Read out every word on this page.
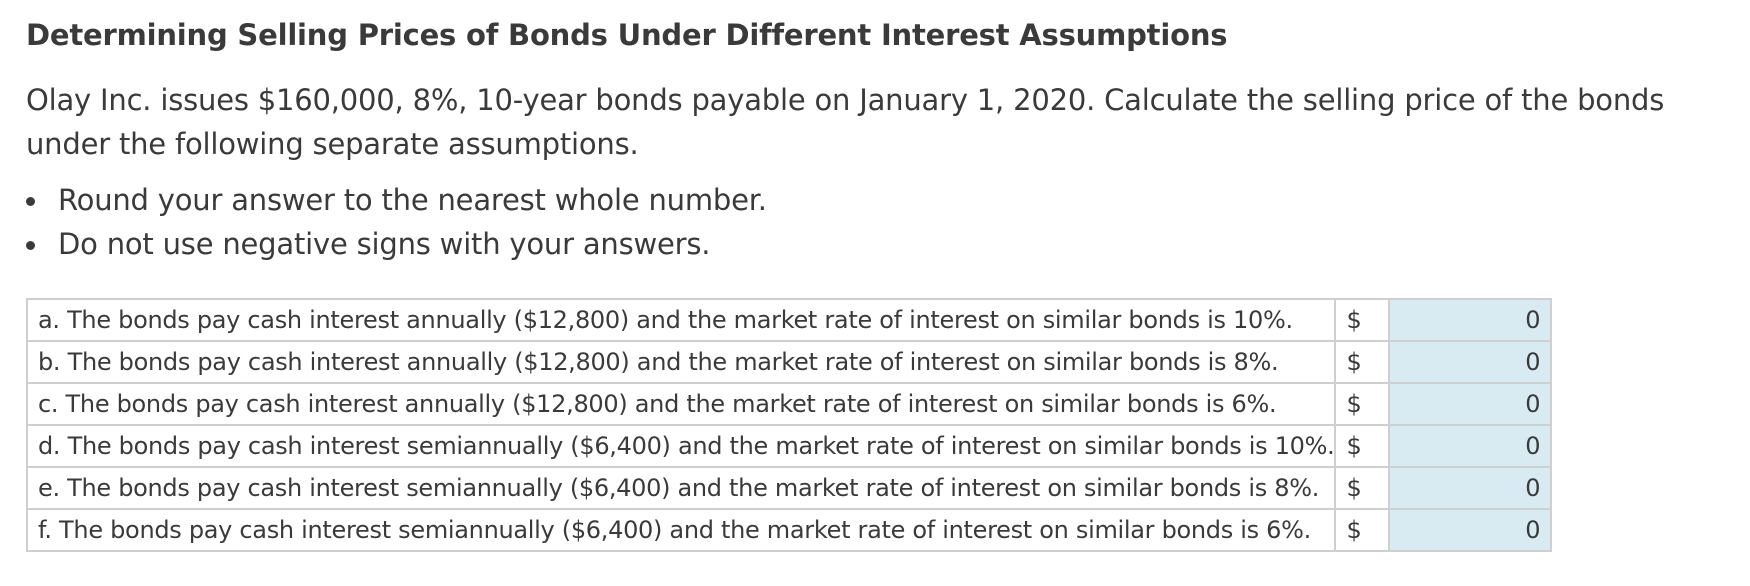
Determining Selling Prices of Bonds Under Different Interest Assumptions
Olay Inc. issues $160,000, 8%, 10-year bonds payable on January 1, 2020. Calculate the selling price of the bonds under the following separate assumptions.
Round your answer to the nearest whole number.
Do not use negative signs with your answers.
a. The bonds pay cash interest annually ($12,800) and the market rate of interest on similar bonds is 10%.	$	0
b. The bonds pay cash interest annually ($12,800) and the market rate of interest on similar bonds is 8%.	$	0
c. The bonds pay cash interest annually ($12,800) and the market rate of interest on similar bonds is 6%.	$	0
d. The bonds pay cash interest semiannually ($6,400) and the market rate of interest on similar bonds is 10%.	$	0
e. The bonds pay cash interest semiannually ($6,400) and the market rate of interest on similar bonds is 8%.	$	0
f. The bonds pay cash interest semiannually ($6,400) and the market rate of interest on similar bonds is 6%.	$	0
